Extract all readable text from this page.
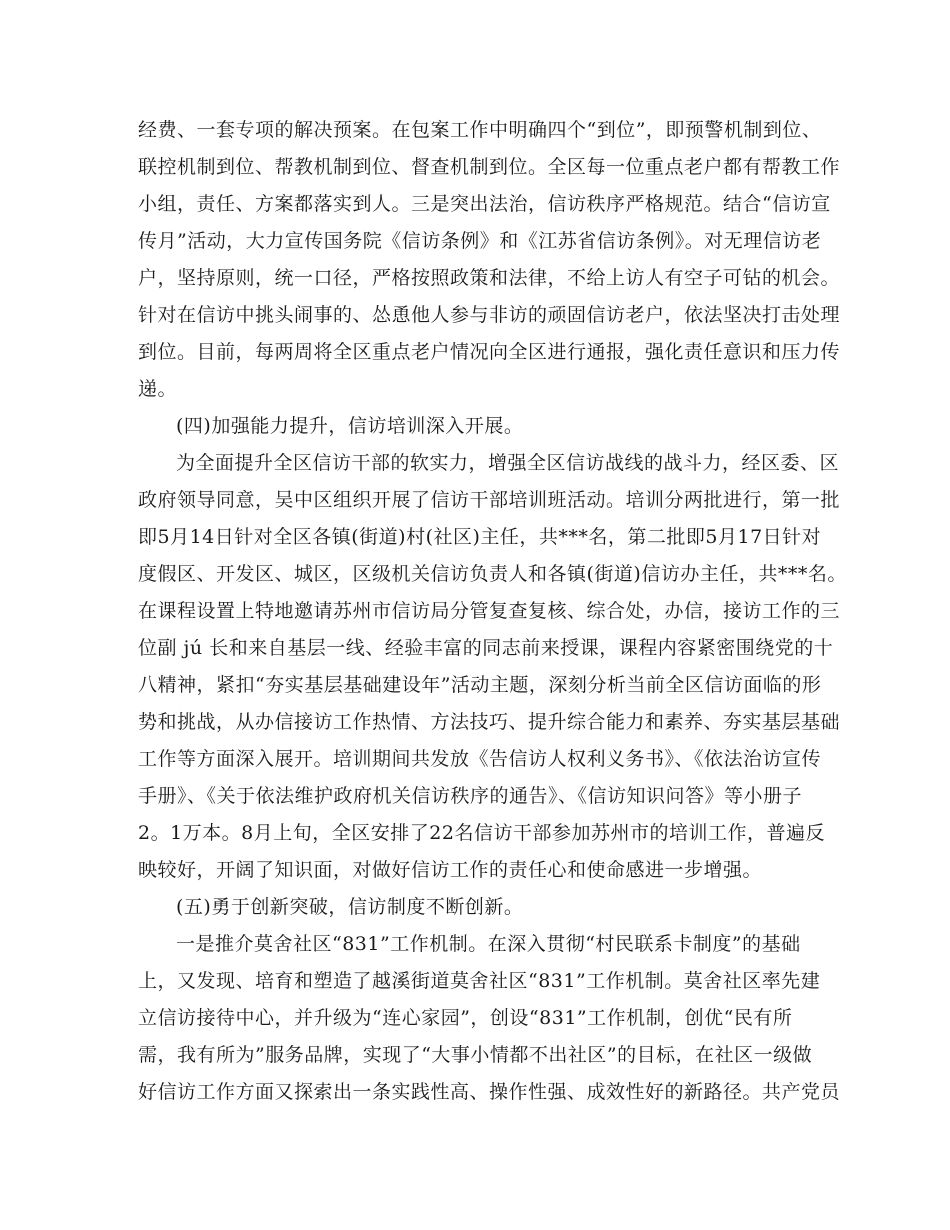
经费、一套专项的解决预案。在包案工作中明确四个“到位”，即预警机制到位、
联控机制到位、帮教机制到位、督查机制到位。全区每一位重点老户都有帮教工作
小组，责任、方案都落实到人。三是突出法治，信访秩序严格规范。结合“信访宣
传月”活动，大力宣传国务院《信访条例》和《江苏省信访条例》。对无理信访老
户，坚持原则，统一口径，严格按照政策和法律，不给上访人有空子可钻的机会。
针对在信访中挑头闹事的、怂恿他人参与非访的顽固信访老户，依法坚决打击处理
到位。目前，每两周将全区重点老户情况向全区进行通报，强化责任意识和压力传
递。
(四)加强能力提升，信访培训深入开展。
为全面提升全区信访干部的软实力，增强全区信访战线的战斗力，经区委、区
政府领导同意，吴中区组织开展了信访干部培训班活动。培训分两批进行，第一批
即5月14日针对全区各镇(街道)村(社区)主任，共***名，第二批即5月17日针对
度假区、开发区、城区，区级机关信访负责人和各镇(街道)信访办主任，共***名。
在课程设置上特地邀请苏州市信访局分管复查复核、综合处，办信，接访工作的三
位副 jú 长和来自基层一线、经验丰富的同志前来授课，课程内容紧密围绕党的十
八精神，紧扣“夯实基层基础建设年”活动主题，深刻分析当前全区信访面临的形
势和挑战，从办信接访工作热情、方法技巧、提升综合能力和素养、夯实基层基础
工作等方面深入展开。培训期间共发放《告信访人权利义务书》、《依法治访宣传
手册》、《关于依法维护政府机关信访秩序的通告》、《信访知识问答》等小册子
2。1万本。8月上旬，全区安排了22名信访干部参加苏州市的培训工作，普遍反
映较好，开阔了知识面，对做好信访工作的责任心和使命感进一步增强。
(五)勇于创新突破，信访制度不断创新。
一是推介莫舍社区“831”工作机制。在深入贯彻“村民联系卡制度”的基础
上，又发现、培育和塑造了越溪街道莫舍社区“831”工作机制。莫舍社区率先建
立信访接待中心，并升级为“连心家园”，创设“831”工作机制，创优“民有所
需，我有所为”服务品牌，实现了“大事小情都不出社区”的目标，在社区一级做
好信访工作方面又探索出一条实践性高、操作性强、成效性好的新路径。共产党员
